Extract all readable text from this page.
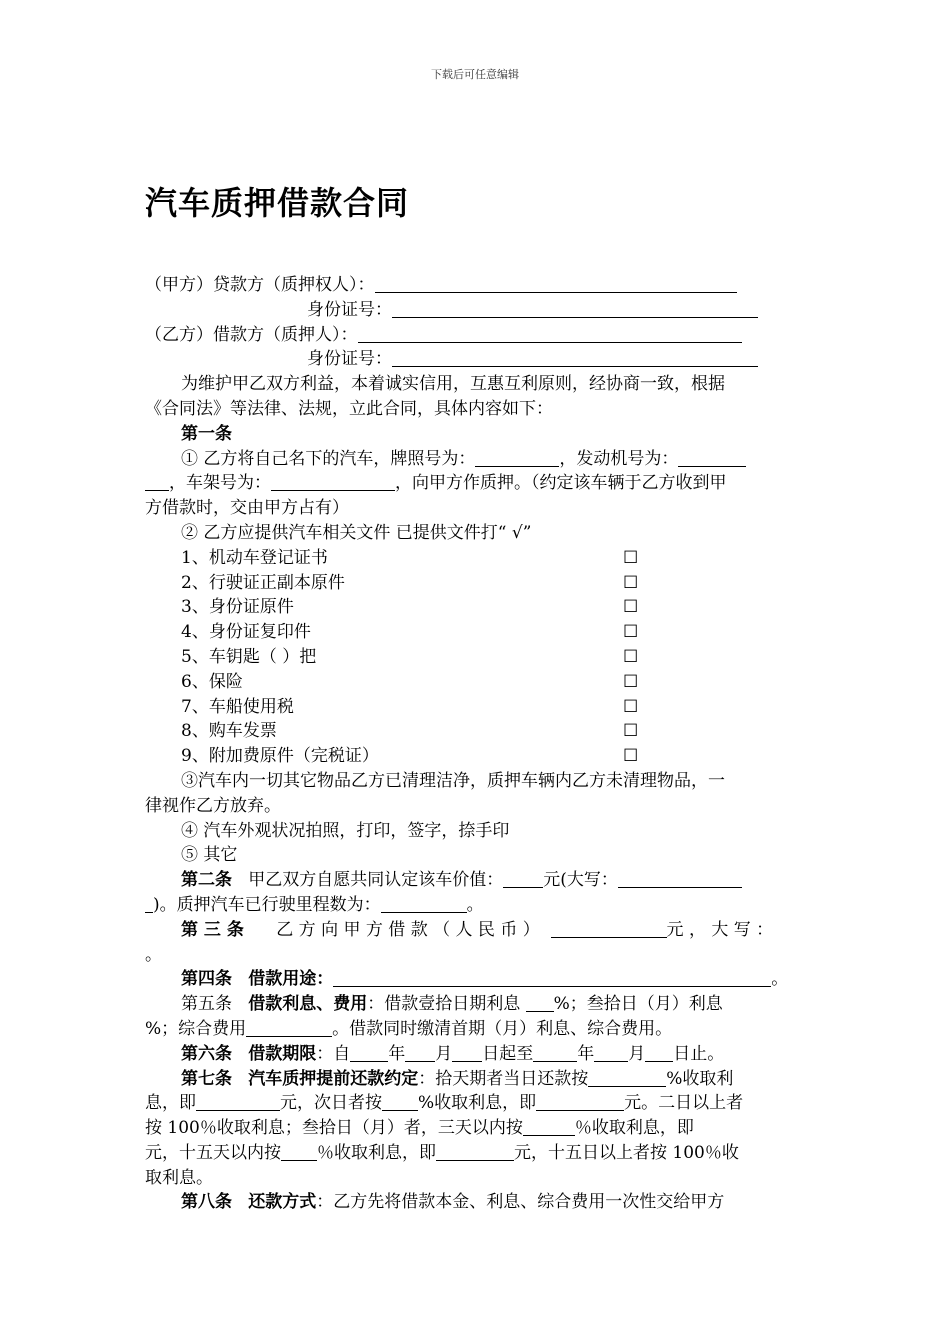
下载后可任意编辑
汽车质押借款合同
（甲方）贷款方（质押权人）：
身份证号：
（乙方）借款方（质押人）：
身份证号：
为维护甲乙双方利益，本着诚实信用，互惠互利原则，经协商一致，根据
《合同法》等法律、法规，立此合同，具体内容如下：
第一条
① 乙方将自己名下的汽车，牌照号为：	，发动机号为：
，车架号为：	，向甲方作质押。（约定该车辆于乙方收到甲
方借款时，交由甲方占有）
② 乙方应提供汽车相关文件 已提供文件打“ √”
1、机动车登记证书	☐
2、行驶证正副本原件	☐
3、身份证原件	☐
4、身份证复印件	☐
5、车钥匙（ ）把	☐
6、保险	☐
7、车船使用税	☐
8、购车发票	☐
9、附加费原件（完税证）	☐
③汽车内一切其它物品乙方已清理洁净，质押车辆内乙方未清理物品，一
律视作乙方放弃。
④ 汽车外观状况拍照，打印，签字，捺手印
⑤ 其它
第二条 甲乙双方自愿共同认定该车价值： 元(大写：
)。质押汽车已行驶里程数为：	。
第 三 条 乙 方 向 甲 方 借 款 （ 人 民 币 ）	元 ， 大 写 ：
。
第四条 借款用途：	。
第五条 借款利息、费用：借款壹拾日期利息 %；叁拾日（月）利息
%；综合费用	。借款同时缴清首期（月）利息、综合费用。
第六条 借款期限：自 年 月 日起至	年 月 日止。
第七条 汽车质押提前还款约定：拾天期者当日还款按	%收取利
息，即	元，次日者按 %收取利息，即	元。二日以上者
按 100％收取利息；叁拾日（月）者，三天以内按	％收取利息，即
元，十五天以内按 ％收取利息，即	元，十五日以上者按 100％收
取利息。
第八条 还款方式：乙方先将借款本金、利息、综合费用一次性交给甲方
